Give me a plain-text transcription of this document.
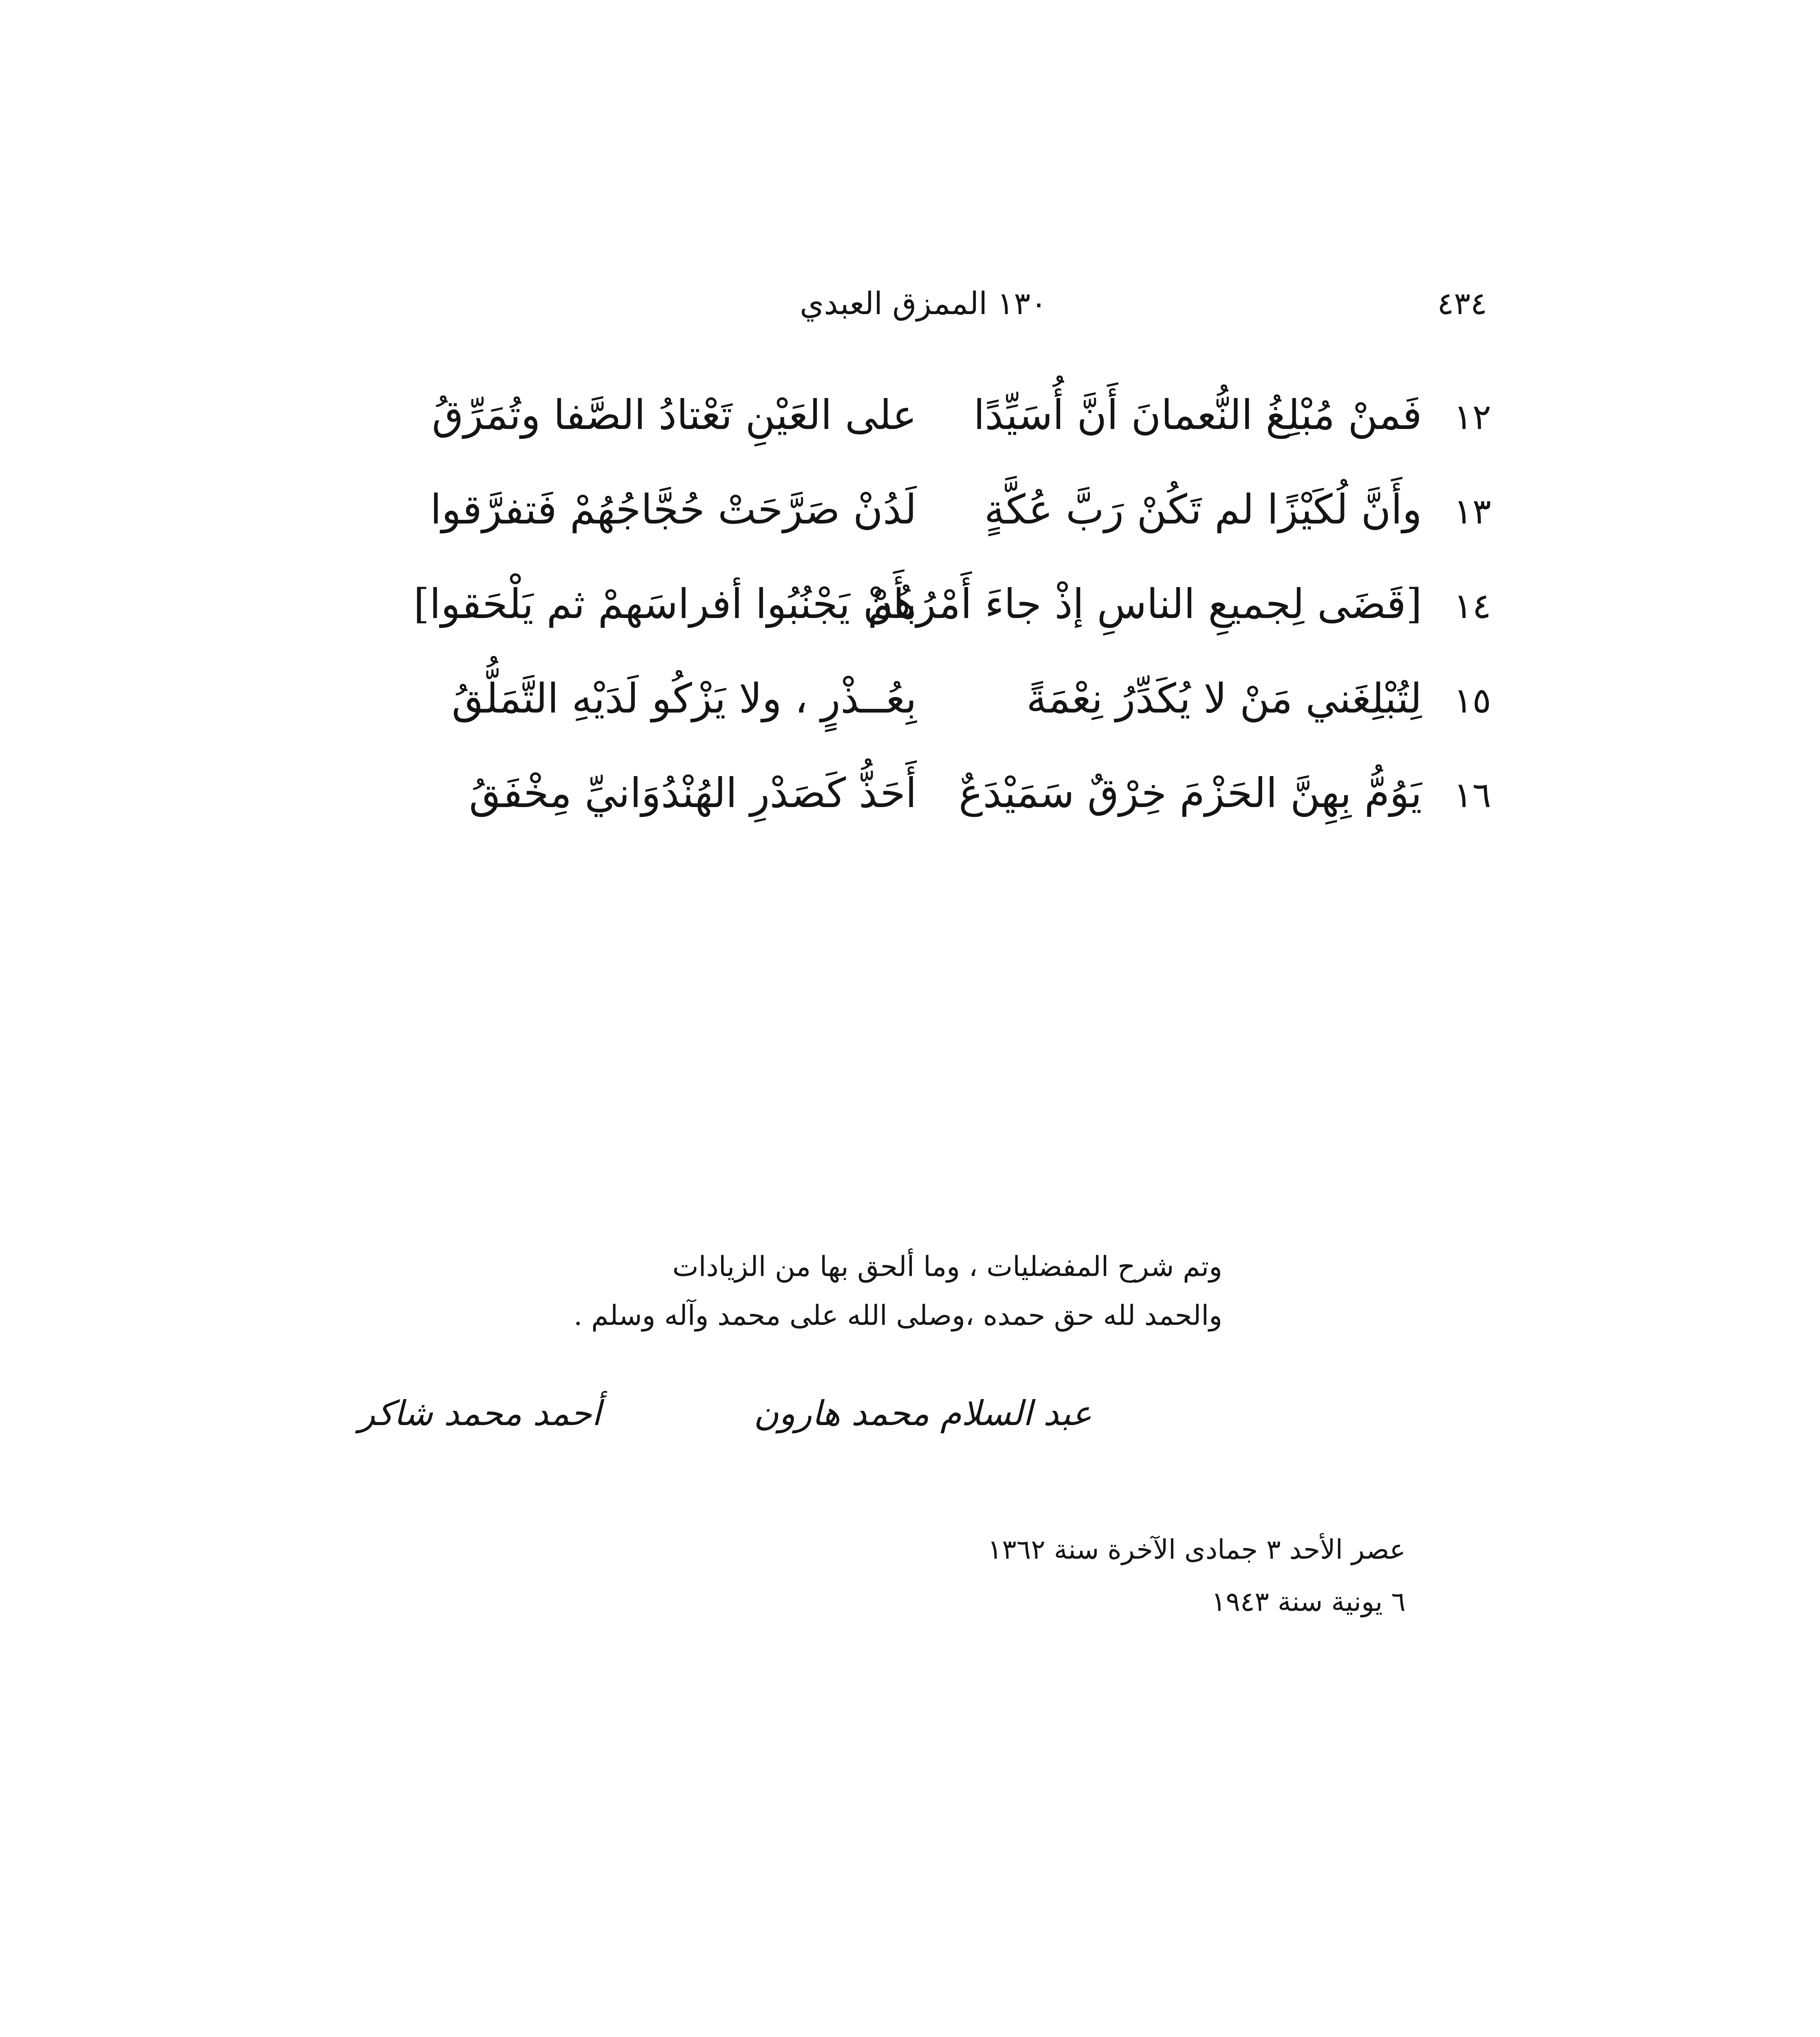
٤٣٤
١٣٠ الممزق العبدي
١٢
فَمنْ مُبْلِغُ النُّعمانَ أَنَّ أُسَيِّدًا
على العَيْنِ تَعْتادُ الصَّفا وتُمَرِّقُ
١٣
وأَنَّ لُكَيْزًا لم تَكُنْ رَبَّ عُكَّةٍ
لَدُنْ صَرَّحَتْ حُجَّاجُهُمْ فَتفرَّقوا
١٤
[قَضَى لِجميعِ الناسِ إذْ جاءَ أَمْرُهُمْ
بأَنْ يَجْنُبُوا أفراسَهمْ ثم يَلْحَقوا]
١٥
لِتُبْلِغَني مَنْ لا يُكَدِّرُ نِعْمَةً
بِعُــذْرٍ ، ولا يَزْكُو لَدَيْهِ التَّمَلُّقُ
١٦
يَوُمُّ بِهِنَّ الحَزْمَ خِرْقٌ سَمَيْدَعٌ
أَحَذُّ كَصَدْرِ الهُنْدُوَانيِّ مِخْفَقُ
وتم شرح المفضليات ، وما ألحق بها من الزيادات
والحمد لله حق حمده ،وصلى الله على محمد وآله وسلم .
عبد السلام محمد هارون
أحمد محمد شاكر
عصر الأحد ٣ جمادى الآخرة سنة ١٣٦٢
٦ يونية سنة ١٩٤٣
